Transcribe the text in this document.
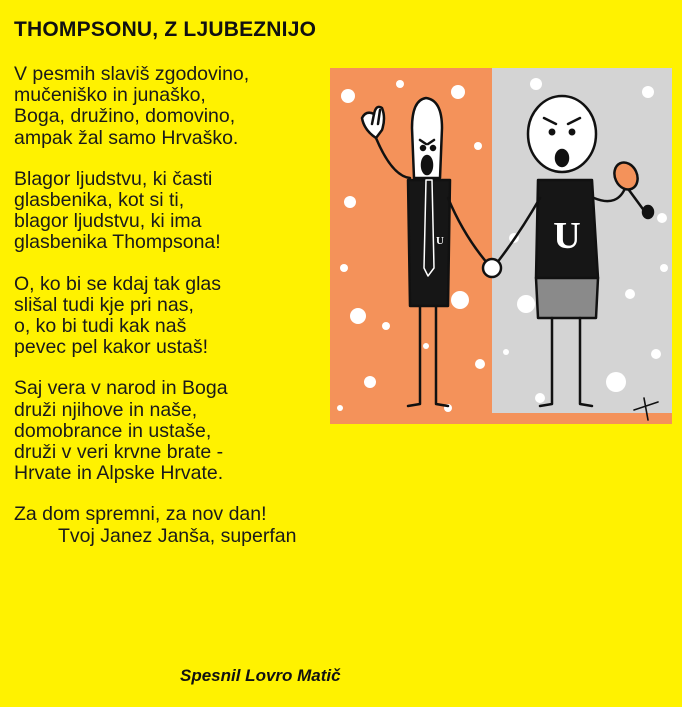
THOMPSONU, Z LJUBEZNIJO
V pesmih slaviš zgodovino,
mučeniško in junaško,
Boga, družino, domovino,
ampak žal samo Hrvaško.
Blagor ljudstvu, ki časti
glasbenika, kot si ti,
blagor ljudstvu, ki ima
glasbenika Thompsona!
O, ko bi se kdaj tak glas
slišal tudi kje pri nas,
o, ko bi tudi kak naš
pevec pel kakor ustaš!
Saj vera v narod in Boga
druži njihove in naše,
domobrance in ustaše,
druži v veri krvne brate -
Hrvate in Alpske Hrvate.
Za dom spremni, za nov dan!
Tvoj Janez Janša, superfan
Spesnil Lovro Matič
U	U
